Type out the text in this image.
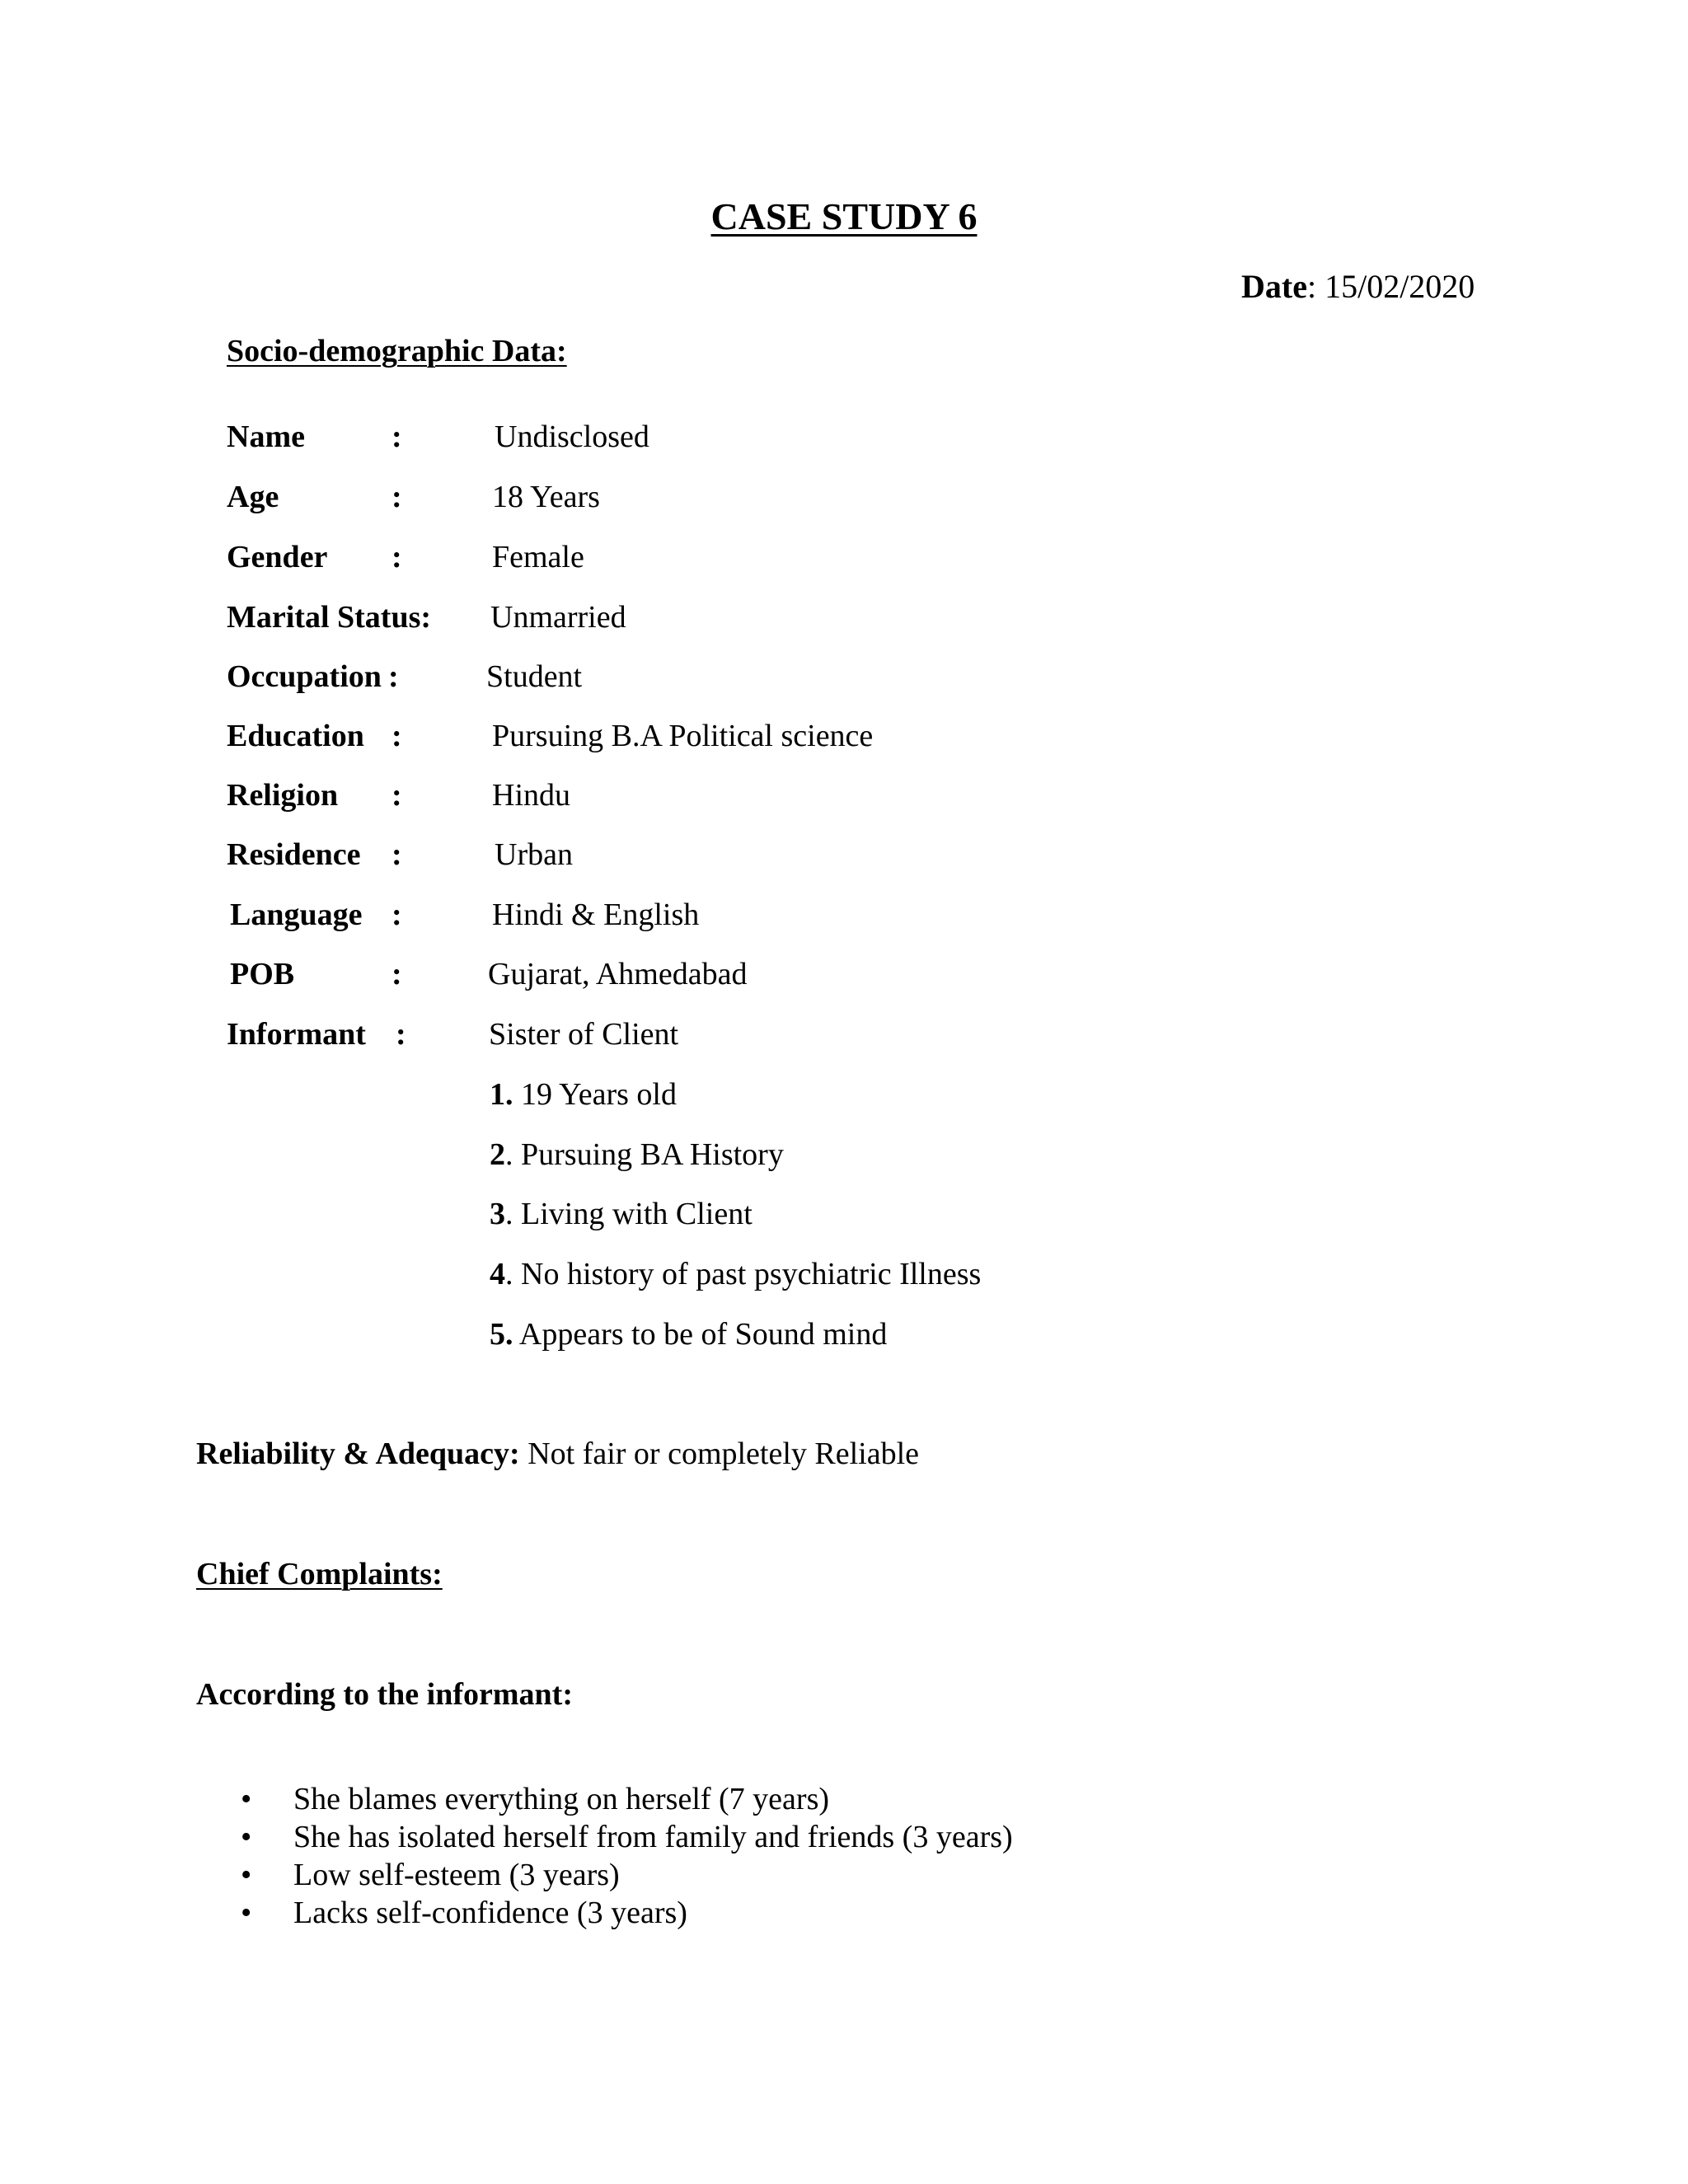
CASE STUDY 6
Date: 15/02/2020
Socio-demographic Data:
Name	:	Undisclosed
Age	:	18 Years
Gender :	Female
Marital Status: Unmarried
Occupation :	Student
Education :	Pursuing B.A Political science
Religion :	Hindu
Residence :	Urban
Language :	Hindi & English
POB	:	Gujarat, Ahmedabad
Informant :	Sister of Client
1. 19 Years old
2. Pursuing BA History
3. Living with Client
4. No history of past psychiatric Illness
5. Appears to be of Sound mind
Reliability & Adequacy: Not fair or completely Reliable
Chief Complaints:
According to the informant:
• She blames everything on herself (7 years)
• She has isolated herself from family and friends (3 years)
• Low self-esteem (3 years)
• Lacks self-confidence (3 years)
